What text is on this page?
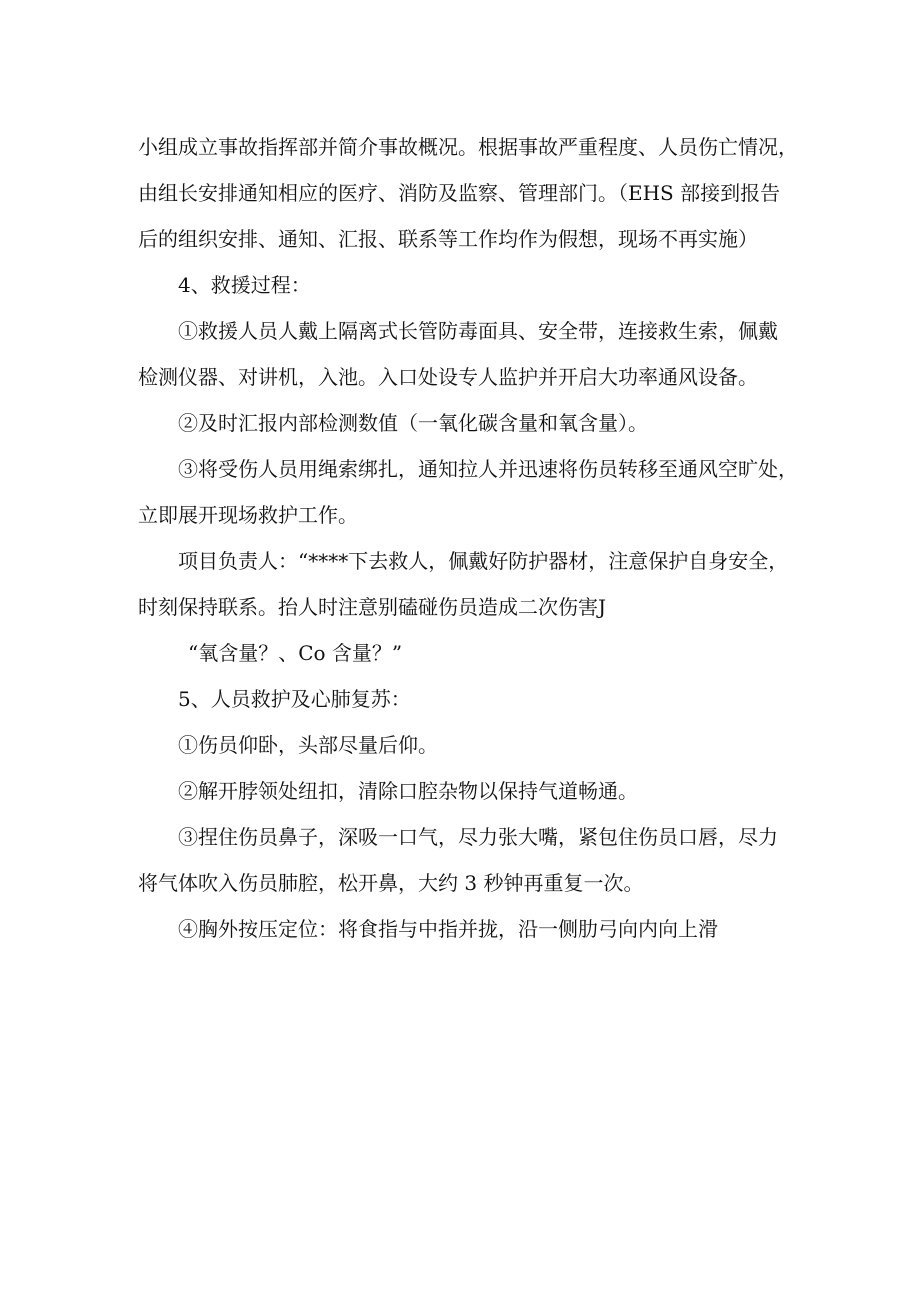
小组成立事故指挥部并简介事故概况。根据事故严重程度、人员伤亡情况，

由组长安排通知相应的医疗、消防及监察、管理部门。（EHS 部接到报告

后的组织安排、通知、汇报、联系等工作均作为假想，现场不再实施）

4、救援过程：

①救援人员人戴上隔离式长管防毒面具、安全带，连接救生索，佩戴

检测仪器、对讲机，入池。入口处设专人监护并开启大功率通风设备。

②及时汇报内部检测数值（一氧化碳含量和氧含量）。

③将受伤人员用绳索绑扎，通知拉人并迅速将伤员转移至通风空旷处，

立即展开现场救护工作。

项目负责人：“****下去救人，佩戴好防护器材，注意保护自身安全，

时刻保持联系。抬人时注意别磕碰伤员造成二次伤害J

“氧含量？、Co 含量？”

5、人员救护及心肺复苏：

①伤员仰卧，头部尽量后仰。

②解开脖领处纽扣，清除口腔杂物以保持气道畅通。

③捏住伤员鼻子，深吸一口气，尽力张大嘴，紧包住伤员口唇，尽力

将气体吹入伤员肺腔，松开鼻，大约 3 秒钟再重复一次。

④胸外按压定位：将食指与中指并拢，沿一侧肋弓向内向上滑
